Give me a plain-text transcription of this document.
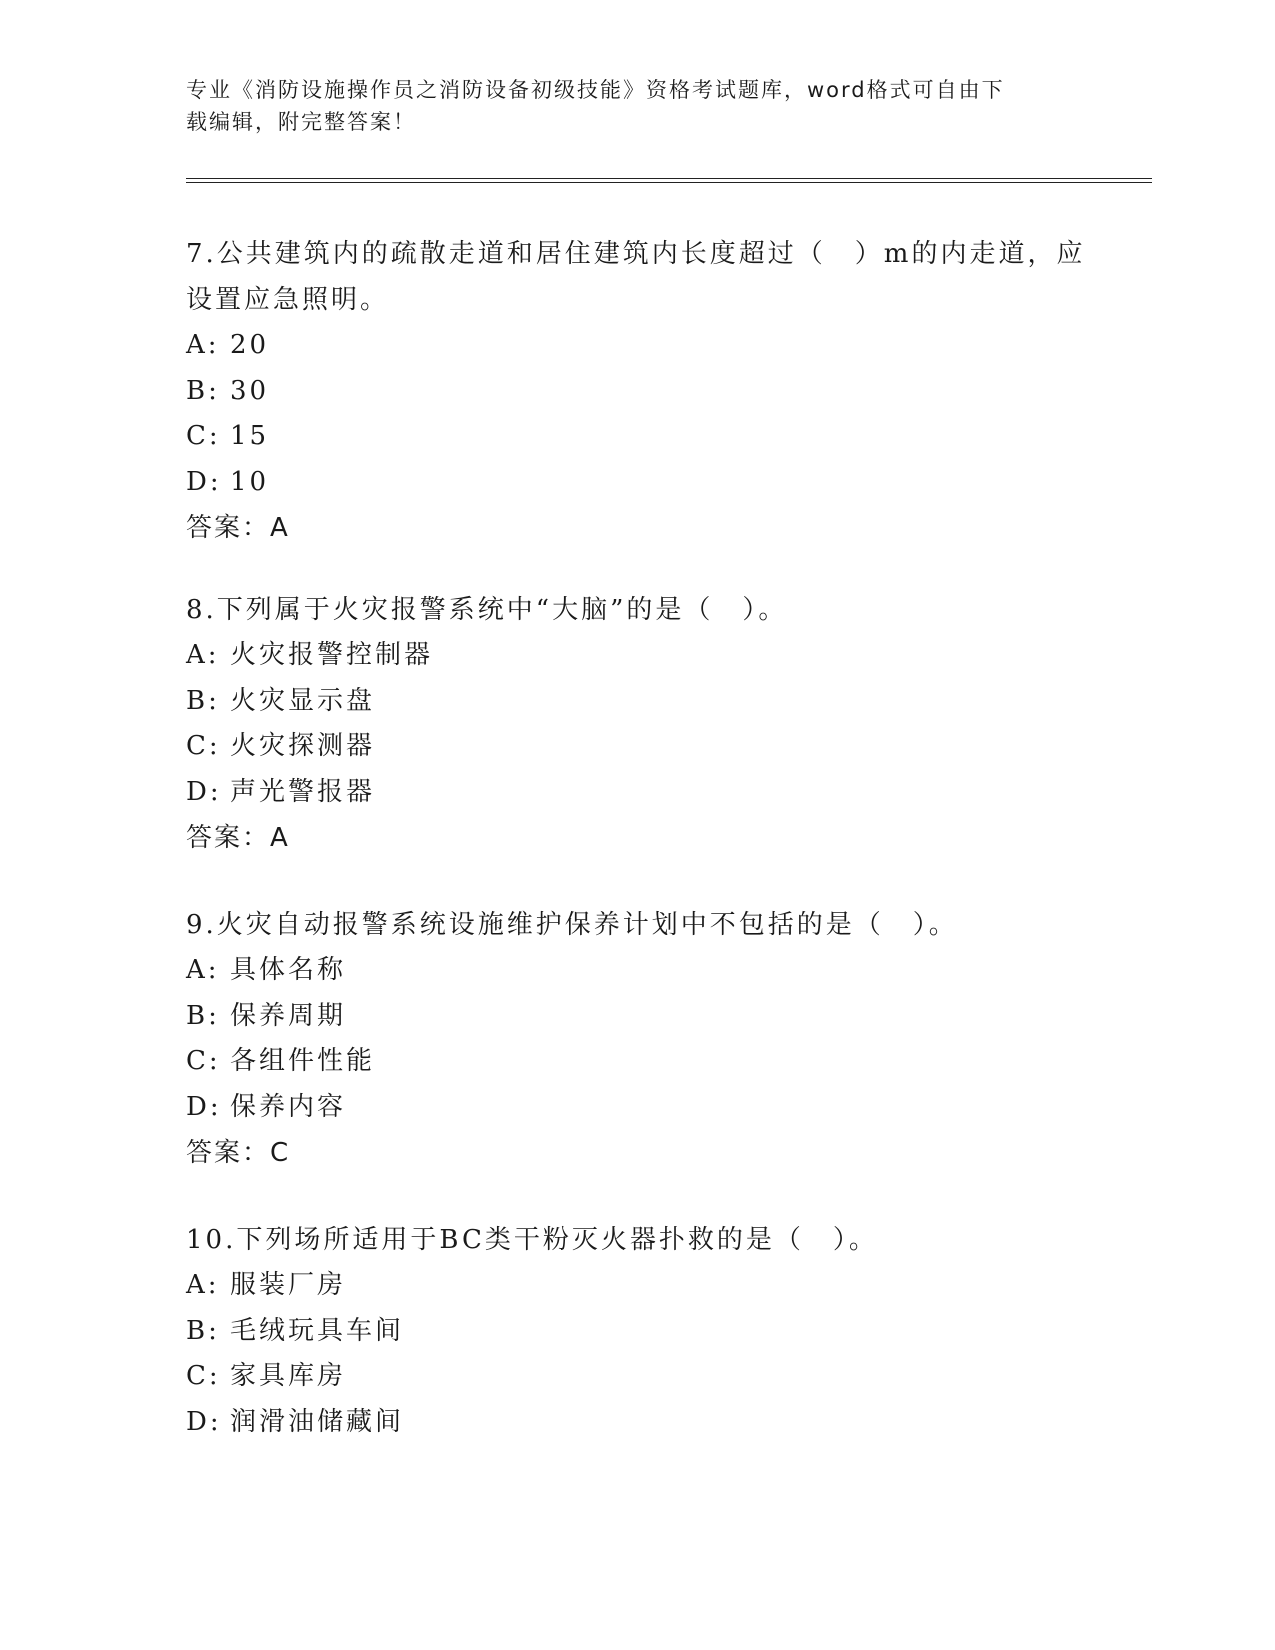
专业《消防设施操作员之消防设备初级技能》资格考试题库，word格式可自由下
载编辑，附完整答案！

7.公共建筑内的疏散走道和居住建筑内长度超过（　）m的内走道，应

设置应急照明。

A: 20

B: 30

C: 15

D: 10

答案：A

8.下列属于火灾报警系统中“大脑”的是（　）。

A: 火灾报警控制器

B: 火灾显示盘

C: 火灾探测器

D: 声光警报器

答案：A

9.火灾自动报警系统设施维护保养计划中不包括的是（　）。

A: 具体名称

B: 保养周期

C: 各组件性能

D: 保养内容

答案：C

10.下列场所适用于BC类干粉灭火器扑救的是（　）。

A: 服装厂房

B: 毛绒玩具车间

C: 家具库房

D: 润滑油储藏间
